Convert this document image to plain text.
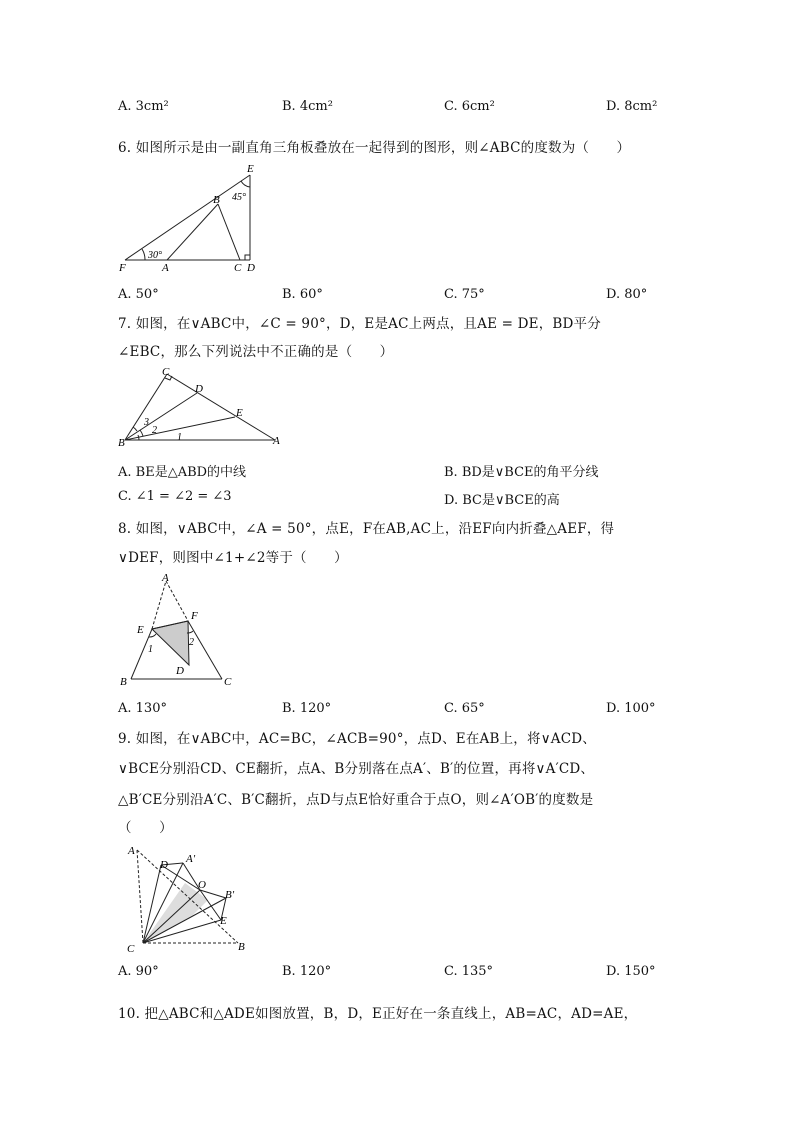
A. 3cm²	B. 4cm²	C. 6cm²	D. 8cm²
6. 如图所示是由一副直角三角板叠放在一起得到的图形，则∠ABC的度数为（　　）
E
B
F	A	C D
45°
30°
A. 50°	B. 60°	C. 75°	D. 80°
7. 如图，在∨ABC中，∠C = 90°，D，E是AC上两点，且AE = DE，BD平分
∠EBC，那么下列说法中不正确的是（　　）
C
D
E
B	A
1
2
3
A. BE是△ABD的中线	B. BD是∨BCE的角平分线
C. ∠1 = ∠2 = ∠3	D. BC是∨BCE的高
8. 如图，∨ABC中，∠A = 50°，点E，F在AB,AC上，沿EF向内折叠△AEF，得
∨DEF，则图中∠1+∠2等于（　　）
A
E
F
B	C
D
1
2
A. 130°	B. 120°	C. 65°	D. 100°
9. 如图，在∨ABC中，AC=BC，∠ACB=90°，点D、E在AB上，将∨ACD、
∨BCE分别沿CD、CE翻折，点A、B分别落在点A′、B′的位置，再将∨A′CD、
△B′CE分别沿A′C、B′C翻折，点D与点E恰好重合于点O，则∠A′OB′的度数是
（　　）
A
D A′
O
B′
E
C	B
A. 90°	B. 120°	C. 135°	D. 150°
10. 把△ABC和△ADE如图放置，B，D，E正好在一条直线上，AB=AC，AD=AE，
